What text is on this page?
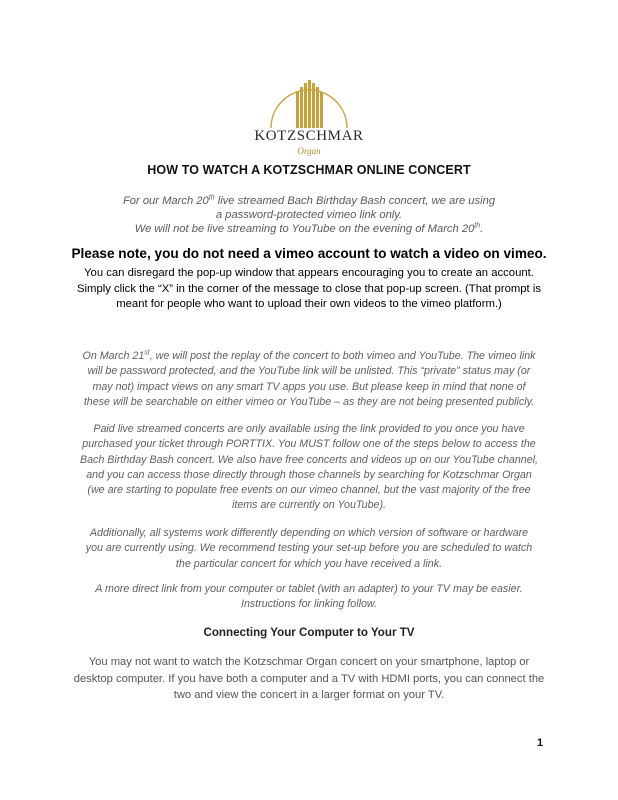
KOTZSCHMAR
Organ
HOW TO WATCH A KOTZSCHMAR ONLINE CONCERT
For our March 20th live streamed Bach Birthday Bash concert, we are using
a password-protected vimeo link only.
We will not be live streaming to YouTube on the evening of March 20th.
Please note, you do not need a vimeo account to watch a video on vimeo.
You can disregard the pop-up window that appears encouraging you to create an account.
Simply click the “X” in the corner of the message to close that pop-up screen. (That prompt is
meant for people who want to upload their own videos to the vimeo platform.)
On March 21st, we will post the replay of the concert to both vimeo and YouTube. The vimeo link
will be password protected, and the YouTube link will be unlisted. This “private” status may (or
may not) impact views on any smart TV apps you use. But please keep in mind that none of
these will be searchable on either vimeo or YouTube – as they are not being presented publicly.
Paid live streamed concerts are only available using the link provided to you once you have
purchased your ticket through PORTTIX. You MUST follow one of the steps below to access the
Bach Birthday Bash concert. We also have free concerts and videos up on our YouTube channel,
and you can access those directly through those channels by searching for Kotzschmar Organ
(we are starting to populate free events on our vimeo channel, but the vast majority of the free
items are currently on YouTube).
Additionally, all systems work differently depending on which version of software or hardware
you are currently using. We recommend testing your set-up before you are scheduled to watch
the particular concert for which you have received a link.
A more direct link from your computer or tablet (with an adapter) to your TV may be easier.
Instructions for linking follow.
Connecting Your Computer to Your TV
You may not want to watch the Kotzschmar Organ concert on your smartphone, laptop or
desktop computer. If you have both a computer and a TV with HDMI ports, you can connect the
two and view the concert in a larger format on your TV.
1
